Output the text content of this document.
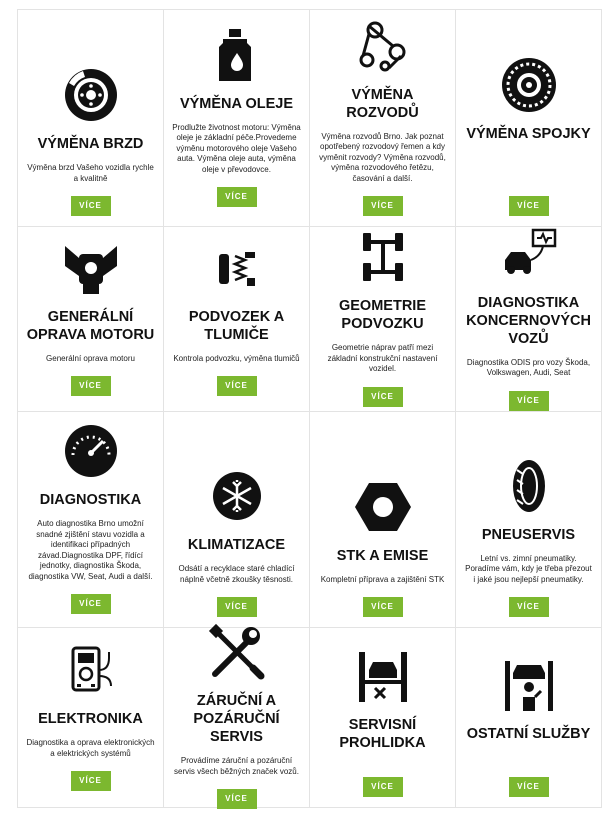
VÝMĚNA BRZD
Výměna brzd Vašeho vozidla rychle a kvalitně
VÍCE
VÝMĚNA OLEJE
Prodlužte životnost motoru: Výměna oleje je základní péče.Provedeme výměnu motorového oleje Vašeho auta. Výměna oleje auta, výměna oleje v převodovce.
VÍCE
VÝMĚNA ROZVODŮ
Výměna rozvodů Brno. Jak poznat opotřebený rozvodový řemen a kdy vyměnit rozvody? Výměna rozvodů, výměna rozvodového řetězu, časování a další.
VÍCE
VÝMĚNA SPOJKY
VÍCE
GENERÁLNÍ OPRAVA MOTORU
Generální oprava motoru
VÍCE
PODVOZEK A TLUMIČE
Kontrola podvozku, výměna tlumičů
VÍCE
GEOMETRIE PODVOZKU
Geometrie náprav patří mezi základní konstrukční nastavení vozidel.
VÍCE
DIAGNOSTIKA KONCERNOVÝCH VOZŮ
Diagnostika ODIS pro vozy Škoda, Volkswagen, Audi, Seat
VÍCE
DIAGNOSTIKA
Auto diagnostika Brno umožní snadné zjištění stavu vozidla a identifikaci případných závad.Diagnostika DPF, řídící jednotky, diagnostika Škoda, diagnostika VW, Seat, Audi a další.
VÍCE
KLIMATIZACE
Odsátí a recyklace staré chladící náplně včetně zkoušky těsnosti.
VÍCE
STK A EMISE
Kompletní příprava a zajištění STK
VÍCE
PNEUSERVIS
Letní vs. zimní pneumatiky. Poradíme vám, kdy je třeba přezout i jaké jsou nejlepší pneumatiky.
VÍCE
ELEKTRONIKA
Diagnostika a oprava elektronických a elektrických systémů
VÍCE
ZÁRUČNÍ A POZÁRUČNÍ SERVIS
Provádíme záruční a pozáruční servis všech běžných značek vozů.
VÍCE
SERVISNÍ PROHLIDKA
VÍCE
OSTATNÍ SLUŽBY
VÍCE
